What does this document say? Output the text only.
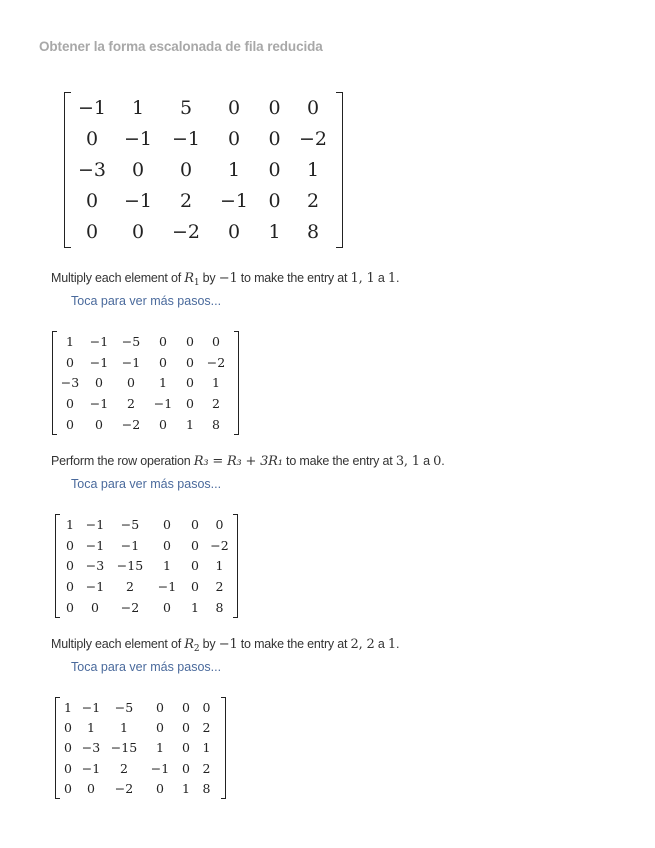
Obtener la forma escalonada de fila reducida
−1	1	5	0	0	0
0	−1	−1	0	0 −2
−3	0	0	1	0	1
0	−1	2	−1	0	2
0	0	−2	0	1	8
Multiply each element of $R_1$ by −1 to make the entry at 1, 1 a 1.
Toca para ver más pasos...
1	−1	−5	0	0	0
0	−1	−1	0	0	−2
−3	0	0	1	0	1
0	−1	2	−1	0	2
0	0	−2	0	1	8
Perform the row operation R₃ = R₃ + 3R₁ to make the entry at 3, 1 a 0.
Toca para ver más pasos...
1 −1	−5	0	0	0
0 −1	−1	0	0 −2
0 −3	−15	1	0	1
0 −1	2	−1	0	2
0	0	−2	0	1	8
Multiply each element of $R_2$ by −1 to make the entry at 2, 2 a 1.
Toca para ver más pasos...
1 −1	−5	0	0	0
0	1	1	0	0	2
0 −3 −15	1	0	1
0 −1	2	−1	0	2
0	0	−2	0	1	8
